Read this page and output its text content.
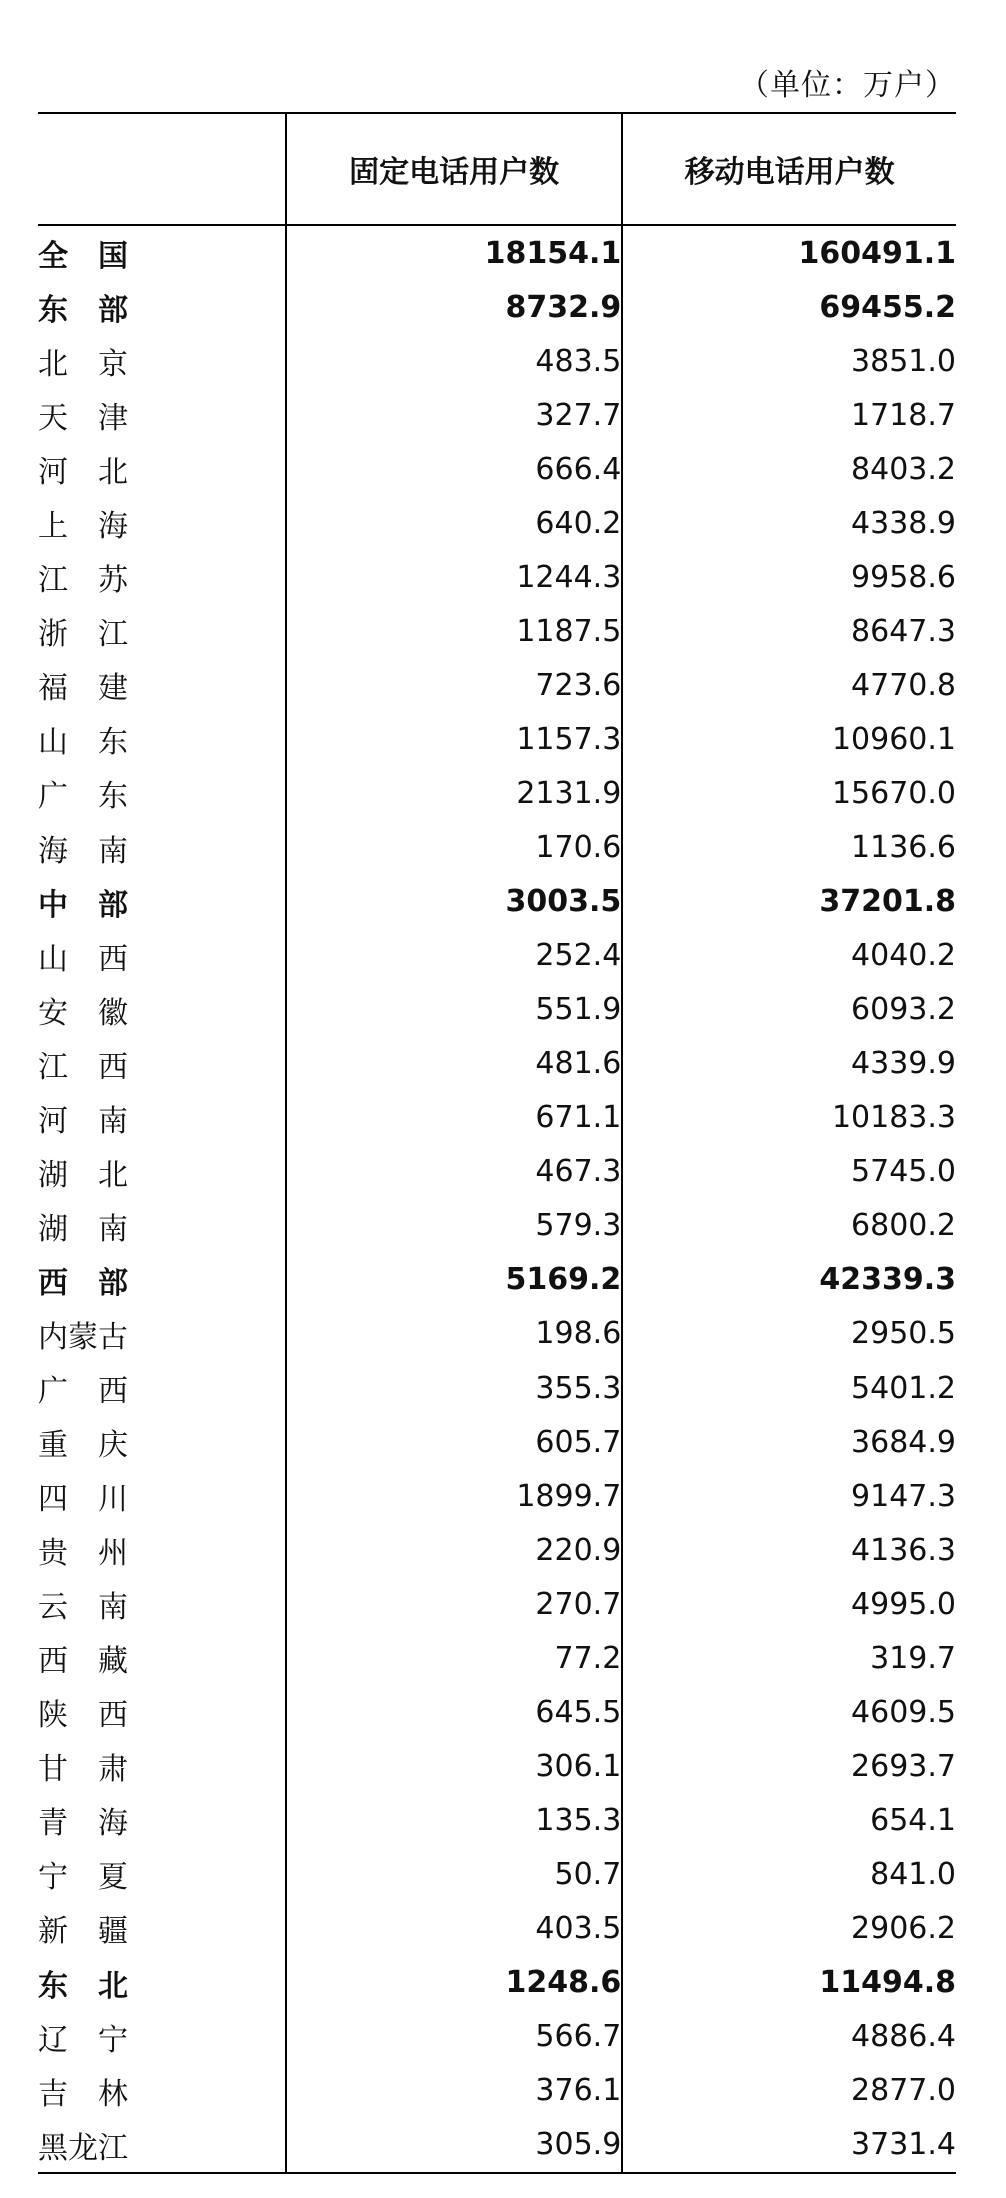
（单位：万户）
	固定电话用户数	移动电话用户数
全　国	18154.1	160491.1
东　部	8732.9	69455.2
北　京	483.5	3851.0
天　津	327.7	1718.7
河　北	666.4	8403.2
上　海	640.2	4338.9
江　苏	1244.3	9958.6
浙　江	1187.5	8647.3
福　建	723.6	4770.8
山　东	1157.3	10960.1
广　东	2131.9	15670.0
海　南	170.6	1136.6
中　部	3003.5	37201.8
山　西	252.4	4040.2
安　徽	551.9	6093.2
江　西	481.6	4339.9
河　南	671.1	10183.3
湖　北	467.3	5745.0
湖　南	579.3	6800.2
西　部	5169.2	42339.3
内蒙古	198.6	2950.5
广　西	355.3	5401.2
重　庆	605.7	3684.9
四　川	1899.7	9147.3
贵　州	220.9	4136.3
云　南	270.7	4995.0
西　藏	77.2	319.7
陕　西	645.5	4609.5
甘　肃	306.1	2693.7
青　海	135.3	654.1
宁　夏	50.7	841.0
新　疆	403.5	2906.2
东　北	1248.6	11494.8
辽　宁	566.7	4886.4
吉　林	376.1	2877.0
黑龙江	305.9	3731.4
